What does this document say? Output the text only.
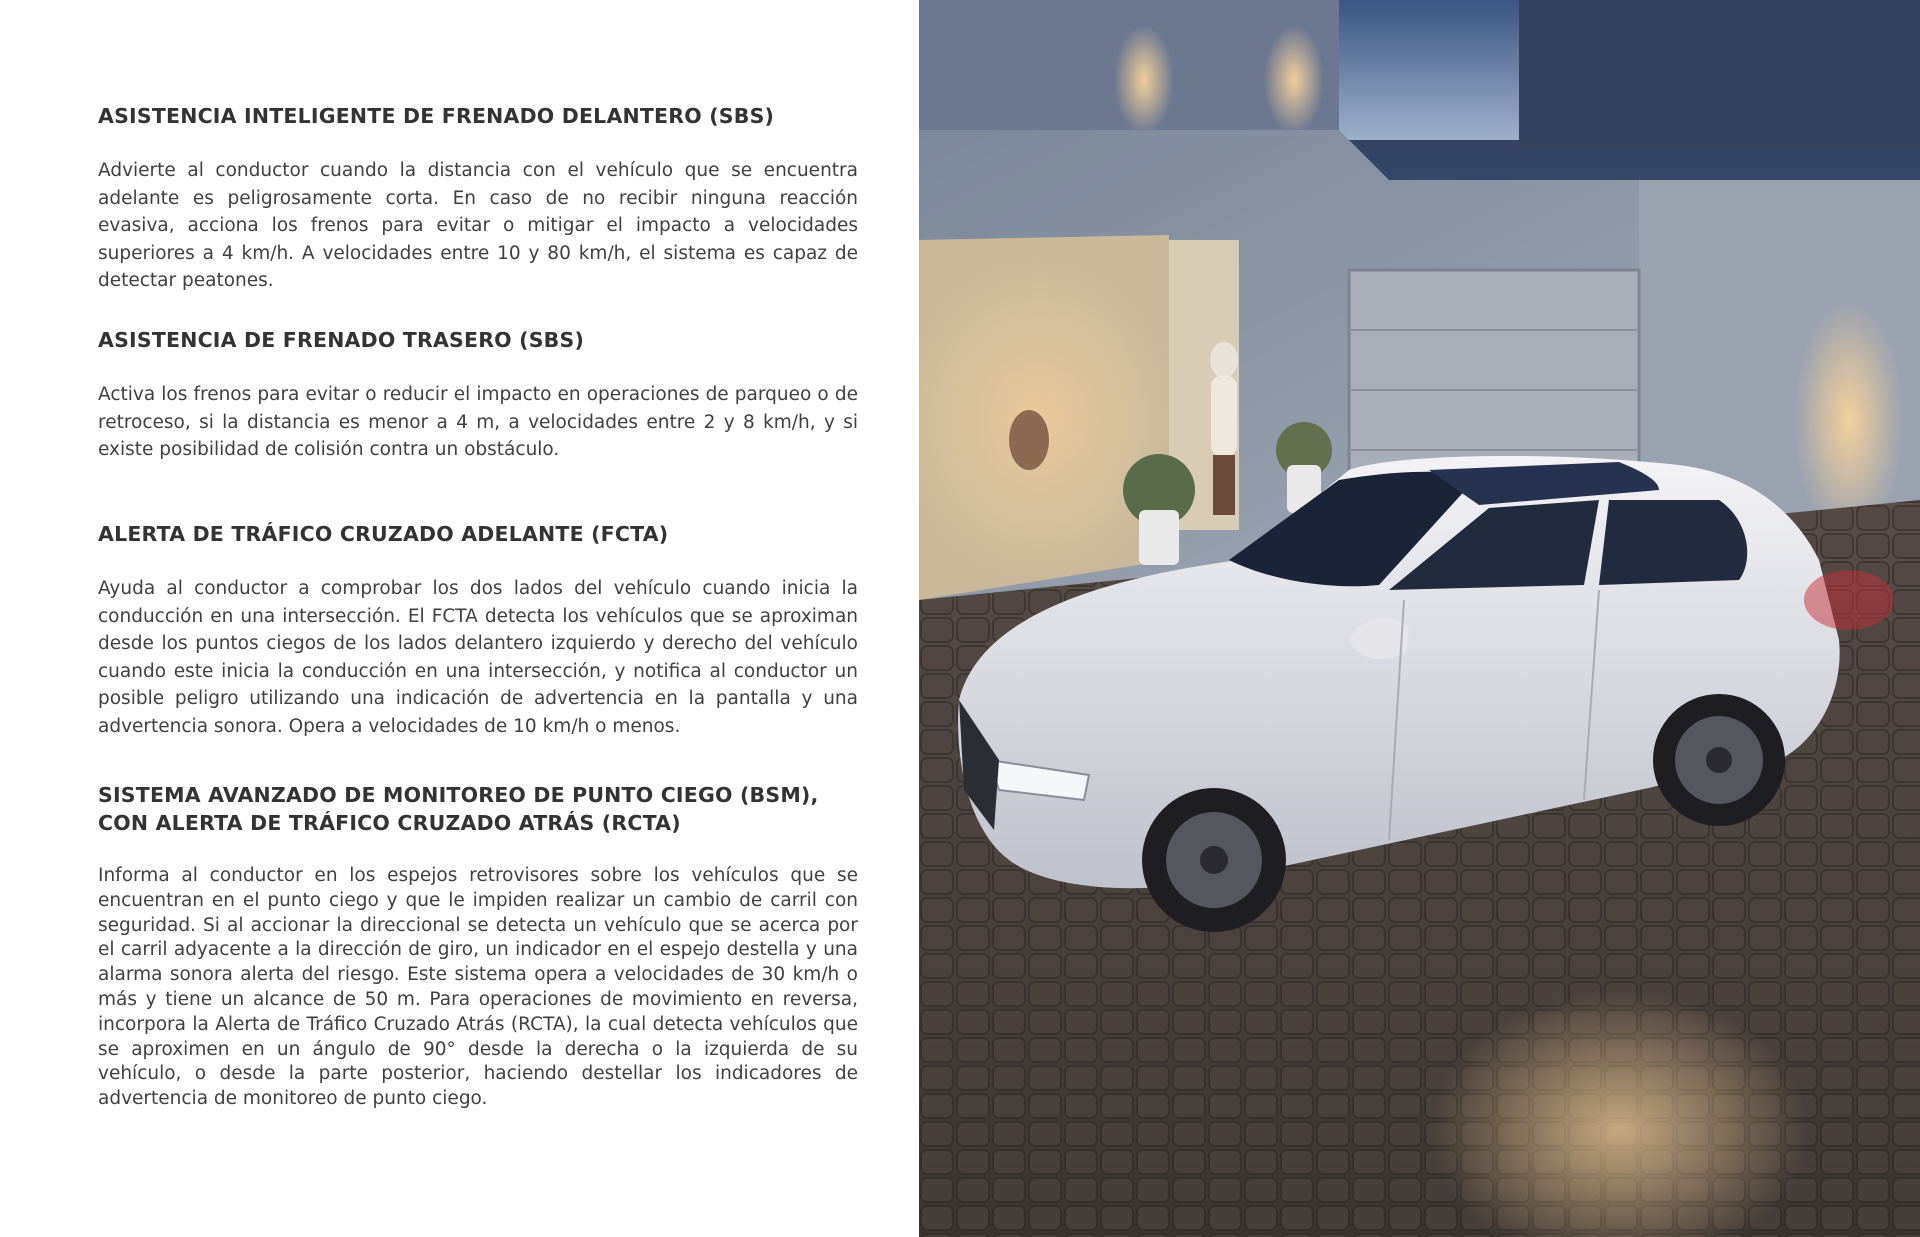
ASISTENCIA INTELIGENTE DE FRENADO DELANTERO (SBS)

Advierte al conductor cuando la distancia con el vehículo que se encuentra adelante es peligrosamente corta. En caso de no recibir ninguna reacción evasiva, acciona los frenos para evitar o mitigar el impacto a velocidades superiores a 4 km/h. A velocidades entre 10 y 80 km/h, el sistema es capaz de detectar peatones.

ASISTENCIA DE FRENADO TRASERO (SBS)

Activa los frenos para evitar o reducir el impacto en operaciones de parqueo o de retroceso, si la distancia es menor a 4 m, a velocidades entre 2 y 8 km/h, y si existe posibilidad de colisión contra un obstáculo.

ALERTA DE TRÁFICO CRUZADO ADELANTE (FCTA)

Ayuda al conductor a comprobar los dos lados del vehículo cuando inicia la conducción en una intersección. El FCTA detecta los vehículos que se aproximan desde los puntos ciegos de los lados delantero izquierdo y derecho del vehículo cuando este inicia la conducción en una intersección, y notifica al conductor un posible peligro utilizando una indicación de advertencia en la pantalla y una advertencia sonora. Opera a velocidades de 10 km/h o menos.

SISTEMA AVANZADO DE MONITOREO DE PUNTO CIEGO (BSM), CON ALERTA DE TRÁFICO CRUZADO ATRÁS (RCTA)

Informa al conductor en los espejos retrovisores sobre los vehículos que se encuentran en el punto ciego y que le impiden realizar un cambio de carril con seguridad. Si al accionar la direccional se detecta un vehículo que se acerca por el carril adyacente a la dirección de giro, un indicador en el espejo destella y una alarma sonora alerta del riesgo. Este sistema opera a velocidades de 30 km/h o más y tiene un alcance de 50 m. Para operaciones de movimiento en reversa, incorpora la Alerta de Tráfico Cruzado Atrás (RCTA), la cual detecta vehículos que se aproximen en un ángulo de 90° desde la derecha o la izquierda de su vehículo, o desde la parte posterior, haciendo destellar los indicadores de advertencia de monitoreo de punto ciego.
